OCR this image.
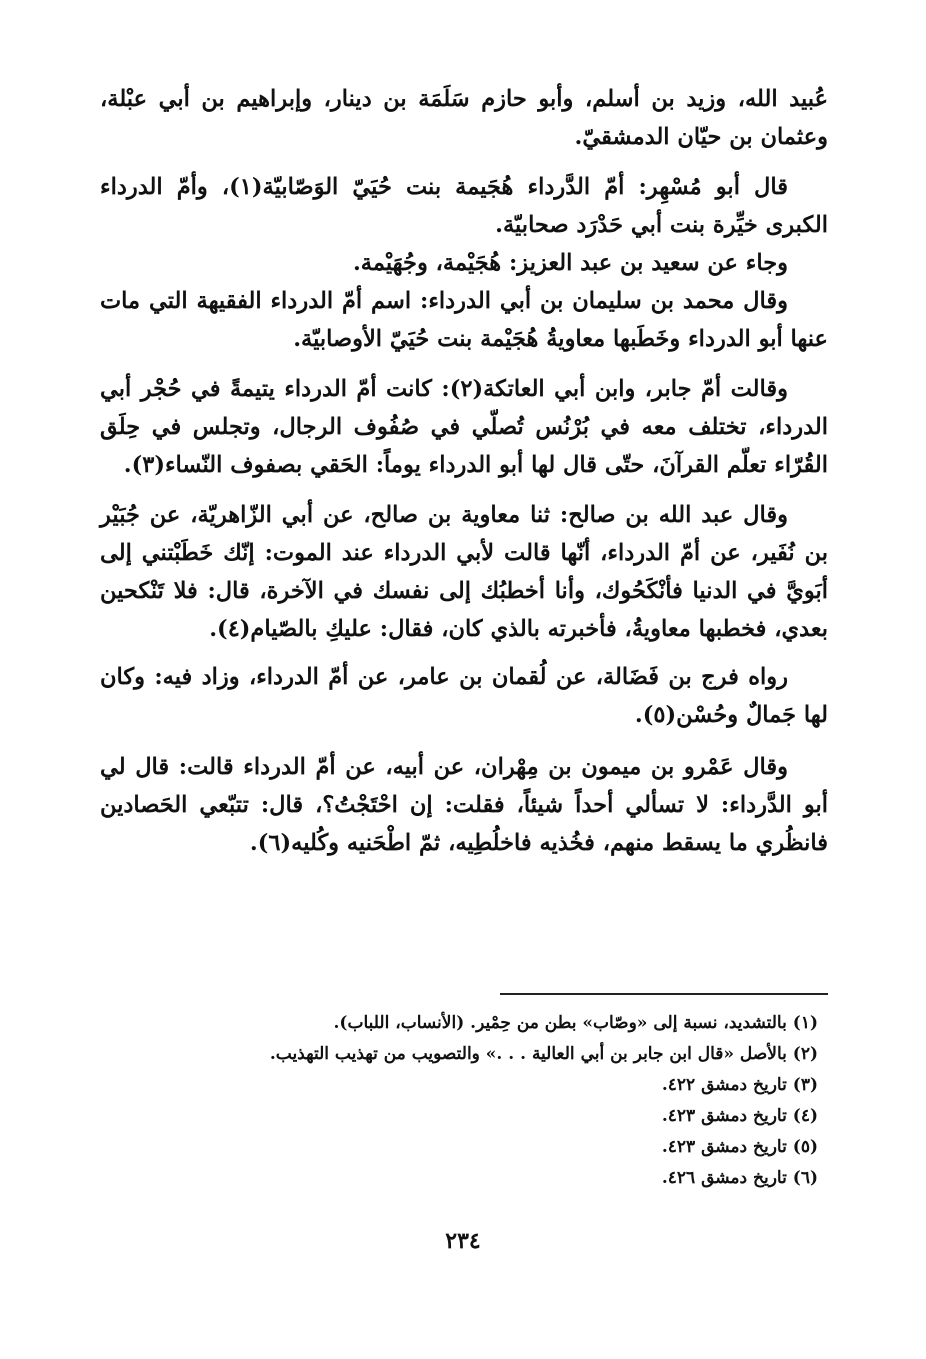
عُبيد الله، وزيد بن أسلم، وأبو حازم سَلَمَة بن دينار، وإبراهيم بن أبي عبْلة، وعثمان بن حيّان الدمشقيّ.

قال أبو مُسْهِر: أمّ الدَّرداء هُجَيمة بنت حُيَيّ الوَصّابيّة(١)، وأمّ الدرداء الكبرى خيِّرة بنت أبي حَدْرَد صحابيّة.

وجاء عن سعيد بن عبد العزيز: هُجَيْمة، وجُهَيْمة.

وقال محمد بن سليمان بن أبي الدرداء: اسم أمّ الدرداء الفقيهة التي مات عنها أبو الدرداء وخَطَبها معاويةُ هُجَيْمة بنت حُيَيّ الأوصابيّة.

وقالت أمّ جابر، وابن أبي العاتكة(٢): كانت أمّ الدرداء يتيمةً في حُجْر أبي الدرداء، تختلف معه في بُرْنُس تُصلّي في صُفُوف الرجال، وتجلس في حِلَق القُرّاء تعلّم القرآنَ، حتّى قال لها أبو الدرداء يوماً: الحَقي بصفوف النّساء(٣).

وقال عبد الله بن صالح: ثنا معاوية بن صالح، عن أبي الزّاهريّة، عن جُبَيْر بن نُفَير، عن أمّ الدرداء، أنّها قالت لأبي الدرداء عند الموت: إنّك خَطَبْتني إلى أبَويَّ في الدنيا فأنْكَحُوك، وأنا أخطبُك إلى نفسك في الآخرة، قال: فلا تَنْكحين بعدي، فخطبها معاويةُ، فأخبرته بالذي كان، فقال: عليكِ بالصّيام(٤).

رواه فرج بن فَضَالة، عن لُقمان بن عامر، عن أمّ الدرداء، وزاد فيه: وكان لها جَمالٌ وحُسْن(٥).

وقال عَمْرو بن ميمون بن مِهْران، عن أبيه، عن أمّ الدرداء قالت: قال لي أبو الدَّرداء: لا تسألي أحداً شيئاً، فقلت: إن احْتَجْتُ؟، قال: تتبّعي الحَصادين فانظُري ما يسقط منهم، فخُذيه فاخلُطِيه، ثمّ اطْحَنيه وكُليه(٦).

(١) بالتشديد، نسبة إلى «وصّاب» بطن من حِمْير. (الأنساب، اللباب).

(٢) بالأصل «قال ابن جابر بن أبي العالية . . .» والتصويب من تهذيب التهذيب.

(٣) تاريخ دمشق ٤٢٢.

(٤) تاريخ دمشق ٤٢٣.

(٥) تاريخ دمشق ٤٢٣.

(٦) تاريخ دمشق ٤٢٦.

٢٣٤
